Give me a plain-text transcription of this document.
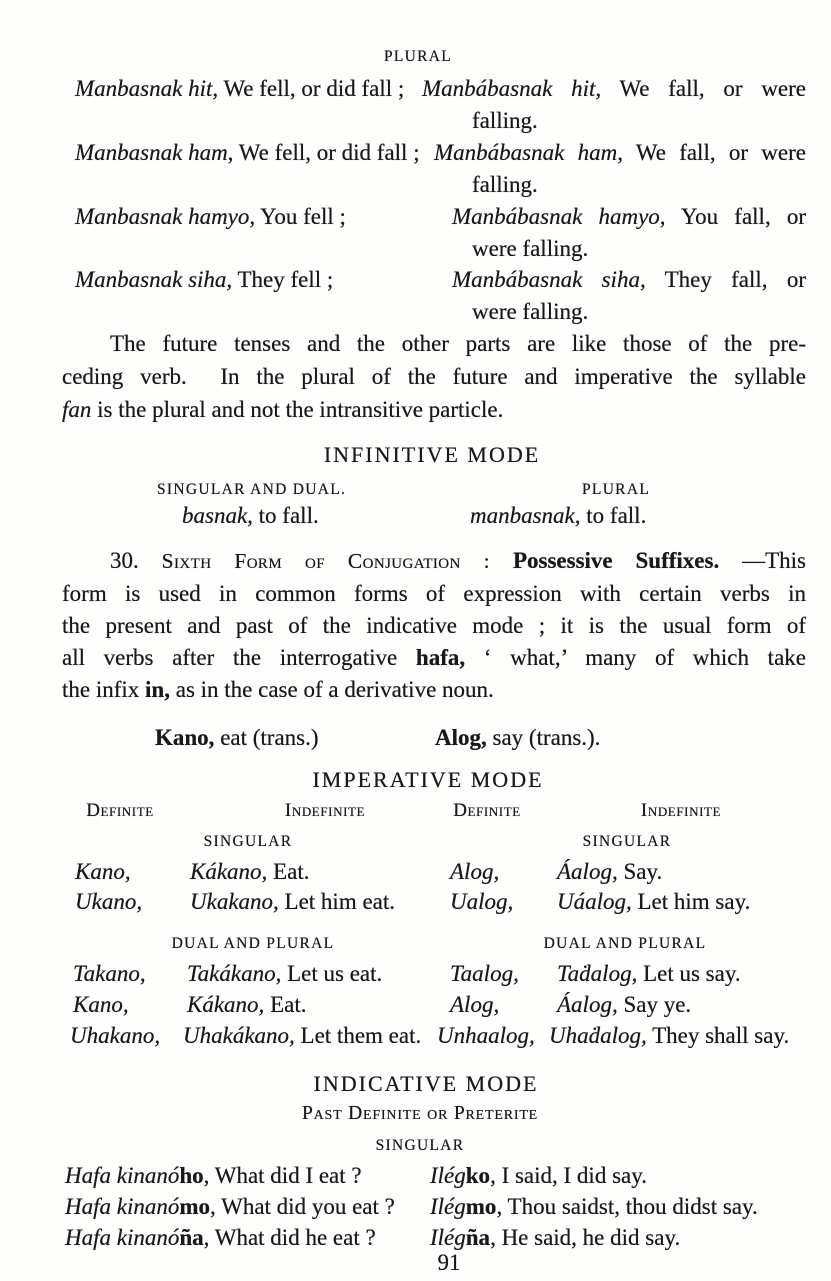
PLURAL
Manbasnak hit, We fell, or did fall ; Manbábasnak hit, We fall, or were
falling.
Manbasnak ham, We fell, or did fall ; Manbábasnak ham, We fall, or were
falling.
Manbasnak hamyo, You fell ;	Manbábasnak hamyo, You fall, or
were falling.
Manbasnak siha, They fell ;	Manbábasnak siha, They fall, or
were falling.
The future tenses and the other parts are like those of the pre-
ceding verb.  In the plural of the future and imperative the syllable
fan is the plural and not the intransitive particle.
INFINITIVE MODE
SINGULAR AND DUAL.	PLURAL
basnak, to fall.	manbasnak, to fall.
30. Sixth Form of Conjugation : Possessive Suffixes. —This
form is used in common forms of expression with certain verbs in
the present and past of the indicative mode ; it is the usual form of
all verbs after the interrogative hafa, ‘ what,’ many of which take
the infix in, as in the case of a derivative noun.
Kano, eat (trans.)	Alog, say (trans.).
IMPERATIVE MODE
Definite	Indefinite	Definite	Indefinite
SINGULAR	SINGULAR
Kano,	Kákano, Eat.	Alog,	Áalog, Say.
Ukano, Ukakano, Let him eat. Ualog, Uáalog, Let him say.
DUAL AND PLURAL	DUAL AND PLURAL
Takano, Takákano, Let us eat.	Taalog, Taḋalog, Let us say.
Kano,	Kákano, Eat.	Alog,	Áalog, Say ye.
Uhakano, Uhakákano, Let them eat. Unhaalog, Uhaḋalog, They shall say.
INDICATIVE MODE
Past Definite or Preterite
SINGULAR
Hafa kinanóho, What did I eat ?	Ilégko, I said, I did say.
Hafa kinanómo, What did you eat ? Ilégmo, Thou saidst, thou didst say.
Hafa kinanóña, What did he eat ? Ilégña, He said, he did say.
91
